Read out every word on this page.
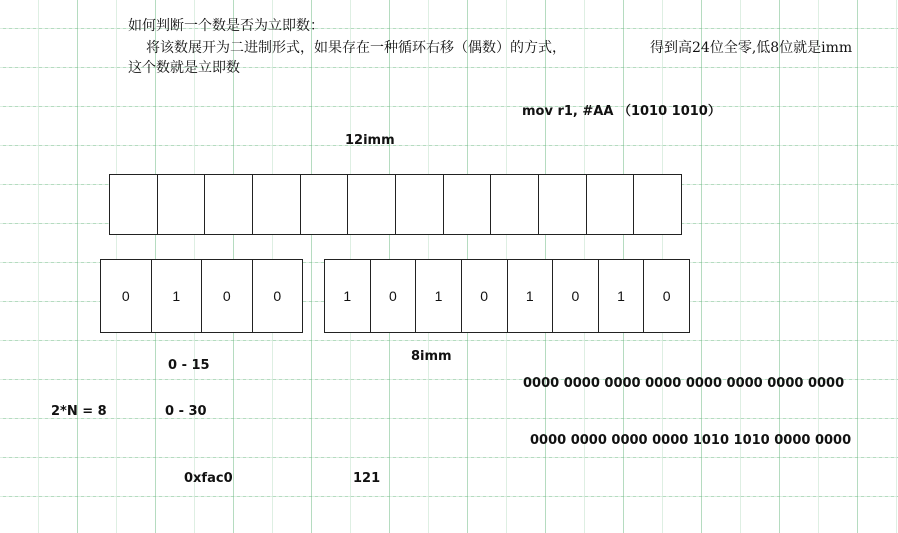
如何判断一个数是否为立即数：
将该数展开为二进制形式，如果存在一种循环右移（偶数）的方式，	得到高24位全零,低8位就是imm
这个数就是立即数
mov r1, #AA （1010 1010）
12imm
0	1	0	0	1	0	1	0	1	0	1	0
8imm
0 - 15
0000 0000 0000 0000 0000 0000 0000 0000
2*N = 8	0 - 30
0000 0000 0000 0000 1010 1010 0000 0000
0xfac0	121
